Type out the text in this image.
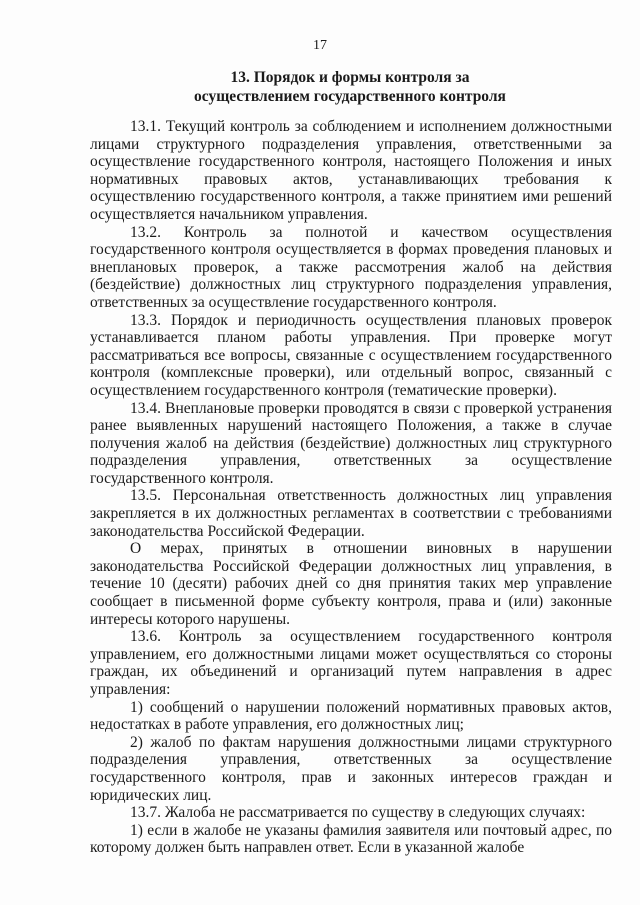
17
13. Порядок и формы контроля за
осуществлением государственного контроля

13.1. Текущий контроль за соблюдением и исполнением должностными лицами структурного подразделения управления, ответственными за осуществление государственного контроля, настоящего Положения и иных нормативных правовых актов, устанавливающих требования к осуществлению государственного контроля, а также принятием ими решений осуществляется начальником управления.

13.2. Контроль за полнотой и качеством осуществления государственного контроля осуществляется в формах проведения плановых и внеплановых проверок, а также рассмотрения жалоб на действия (бездействие) должностных лиц структурного подразделения управления, ответственных за осуществление государственного контроля.

13.3. Порядок и периодичность осуществления плановых проверок устанавливается планом работы управления. При проверке могут рассматриваться все вопросы, связанные с осуществлением государственного контроля (комплексные проверки), или отдельный вопрос, связанный с осуществлением государственного контроля (тематические проверки).

13.4. Внеплановые проверки проводятся в связи с проверкой устранения ранее выявленных нарушений настоящего Положения, а также в случае получения жалоб на действия (бездействие) должностных лиц структурного подразделения управления, ответственных за осуществление государственного контроля.

13.5. Персональная ответственность должностных лиц управления закрепляется в их должностных регламентах в соответствии с требованиями законодательства Российской Федерации.

О мерах, принятых в отношении виновных в нарушении законодательства Российской Федерации должностных лиц управления, в течение 10 (десяти) рабочих дней со дня принятия таких мер управление сообщает в письменной форме субъекту контроля, права и (или) законные интересы которого нарушены.

13.6. Контроль за осуществлением государственного контроля управлением, его должностными лицами может осуществляться со стороны граждан, их объединений и организаций путем направления в адрес управления:

1) сообщений о нарушении положений нормативных правовых актов, недостатках в работе управления, его должностных лиц;

2) жалоб по фактам нарушения должностными лицами структурного подразделения управления, ответственных за осуществление государственного контроля, прав и законных интересов граждан и юридических лиц.

13.7. Жалоба не рассматривается по существу в следующих случаях:

1) если в жалобе не указаны фамилия заявителя или почтовый адрес, по которому должен быть направлен ответ. Если в указанной жалобе
